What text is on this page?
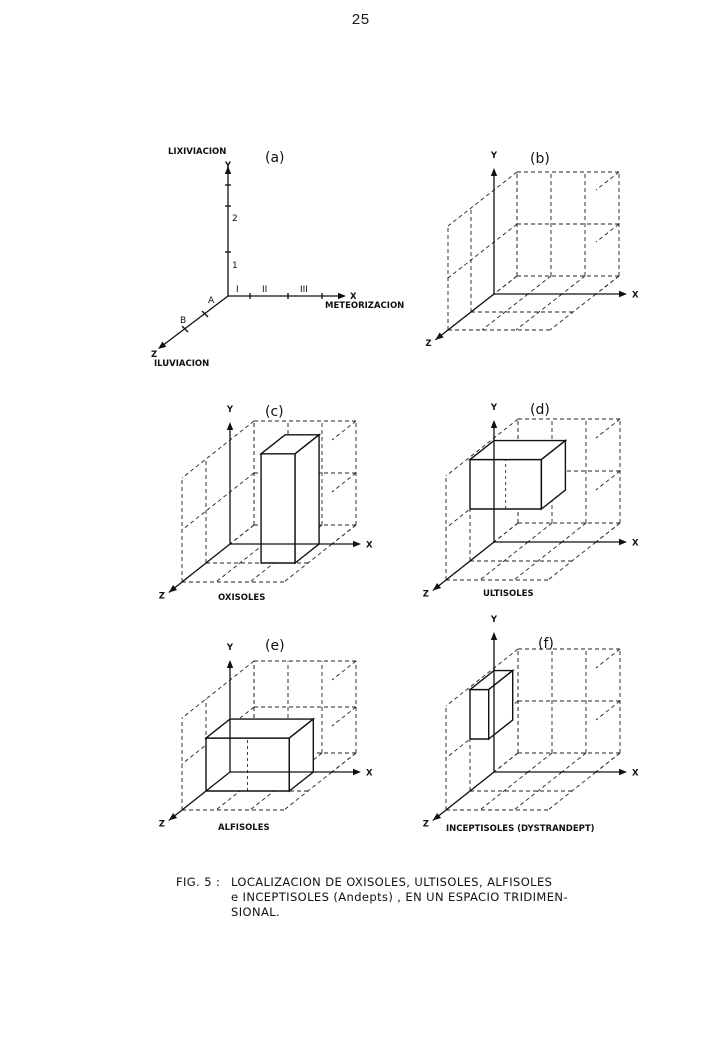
25
1
2
I	II	III
A
B
Y
X
Z
LIXIVIACION
METEORIZACION
ILUVIACION
(a)	Y
X
Z
(b)
Y
X
Z
(c)
OXISOLES
Y
X
Z
(d)
ULTISOLES
Y
X
Z
(e)
ALFISOLES
Y
X
Z
(f)
INCEPTISOLES (DYSTRANDEPT)
FIG. 5 : LOCALIZACION DE OXISOLES, ULTISOLES, ALFISOLES
e INCEPTISOLES (Andepts) , EN UN ESPACIO TRIDIMEN-
SIONAL.
